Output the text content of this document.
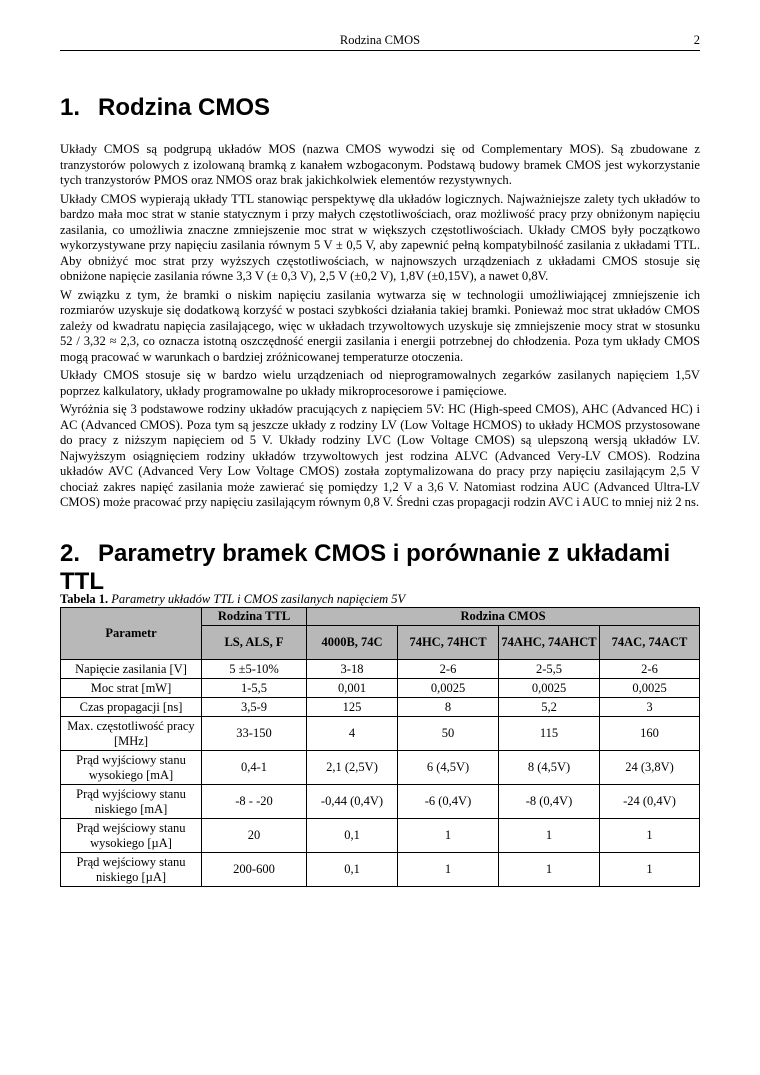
Rodzina CMOS	2
1. Rodzina CMOS

Układy CMOS są podgrupą układów MOS (nazwa CMOS wywodzi się od Complementary MOS). Są zbudowane z tranzystorów polowych z izolowaną bramką z kanałem wzbogaconym. Podstawą budowy bramek CMOS jest wykorzystanie tych tranzystorów PMOS oraz NMOS oraz brak jakichkolwiek elementów rezystywnych.

Układy CMOS wypierają układy TTL stanowiąc perspektywę dla układów logicznych. Najważniejsze zalety tych układów to bardzo mała moc strat w stanie statycznym i przy małych częstotliwościach, oraz możliwość pracy przy obniżonym napięciu zasilania, co umożliwia znaczne zmniejszenie moc strat w większych częstotliwościach. Układy CMOS były początkowo wykorzystywane przy napięciu zasilania równym 5 V ± 0,5 V, aby zapewnić pełną kompatybilność zasilania z układami TTL. Aby obniżyć moc strat przy wyższych częstotliwościach, w najnowszych urządzeniach z układami CMOS stosuje się obniżone napięcie zasilania równe 3,3 V (± 0,3 V), 2,5 V (±0,2 V), 1,8V (±0,15V), a nawet 0,8V.

W związku z tym, że bramki o niskim napięciu zasilania wytwarza się w technologii umożliwiającej zmniejszenie ich rozmiarów uzyskuje się dodatkową korzyść w postaci szybkości działania takiej bramki. Ponieważ moc strat układów CMOS zależy od kwadratu napięcia zasilającego, więc w układach trzywoltowych uzyskuje się zmniejszenie mocy strat w stosunku 52 / 3,32 ≈ 2,3, co oznacza istotną oszczędność energii zasilania i energii potrzebnej do chłodzenia. Poza tym układy CMOS mogą pracować w warunkach o bardziej zróżnicowanej temperaturze otoczenia.

Układy CMOS stosuje się w bardzo wielu urządzeniach od nieprogramowalnych zegarków zasilanych napięciem 1,5V poprzez kalkulatory, układy programowalne po układy mikroprocesorowe i pamięciowe.

Wyróżnia się 3 podstawowe rodziny układów pracujących z napięciem 5V: HC (High-speed CMOS), AHC (Advanced HC) i AC (Advanced CMOS). Poza tym są jeszcze układy z rodziny LV (Low Voltage HCMOS) to układy HCMOS przystosowane do pracy z niższym napięciem od 5 V. Układy rodziny LVC (Low Voltage CMOS) są ulepszoną wersją układów LV. Najwyższym osiągnięciem rodziny układów trzywoltowych jest rodzina ALVC (Advanced Very-LV CMOS). Rodzina układów AVC (Advanced Very Low Voltage CMOS) została zoptymalizowana do pracy przy napięciu zasilającym 2,5 V chociaż zakres napięć zasilania może zawierać się pomiędzy 1,2 V a 3,6 V. Natomiast rodzina AUC (Advanced Ultra-LV CMOS) może pracować przy napięciu zasilającym równym 0,8 V. Średni czas propagacji rodzin AVC i AUC to mniej niż 2 ns.

2. Parametry bramek CMOS i porównanie z układami TTL
Tabela 1. Parametry układów TTL i CMOS zasilanych napięciem 5V
Parametr	Rodzina TTL	Rodzina CMOS			
	LS, ALS, F	4000B, 74C	74HC, 74HCT	74AHC, 74AHCT	74AC, 74ACT
Napięcie zasilania [V]	5 ±5-10%	3-18	2-6	2-5,5	2-6
Moc strat [mW]	1-5,5	0,001	0,0025	0,0025	0,0025
Czas propagacji [ns]	3,5-9	125	8	5,2	3
Max. częstotliwość pracy [MHz]	33-150	4	50	115	160
Prąd wyjściowy stanu wysokiego [mA]	0,4-1	2,1 (2,5V)	6 (4,5V)	8 (4,5V)	24 (3,8V)
Prąd wyjściowy stanu niskiego [mA]	-8 - -20	-0,44 (0,4V)	-6 (0,4V)	-8 (0,4V)	-24 (0,4V)
Prąd wejściowy stanu wysokiego [µA]	20	0,1	1	1	1
Prąd wejściowy stanu niskiego [µA]	200-600	0,1	1	1	1
